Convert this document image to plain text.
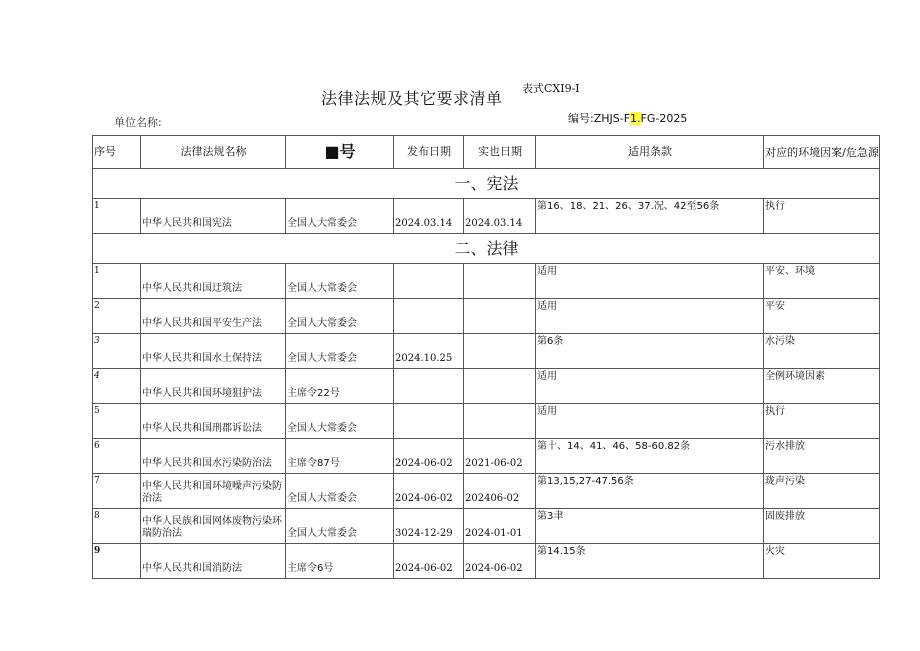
法律法规及其它要求清单
表式CXI9-I
单位名称:	编号:ZHJS-F1.FG-2025
序号	法律法规名称	■号	发布日期	实也日期	适用条款	对应的环境因案/危急源
一、宪法						
1	中华人民共和国宪法	全国人大常委会	2024.03.14	2024.03.14	第16、18、21、26、37.况、42至56条	执行
二、法律						
1	中华人民共和国迂筑法	全国人大常委会			适用	平安、环境
2	中华人民共和国平安生产法	全国人大常委会			适用	平安
3	中华人民共和国水土保持法	全国人大常委会	2024.10.25		第6条	水污染
4	中华人民共和国环境狙护法	主席令22号			适用	全例环境因素
5	中华人民共和国刑郡诉讼法	全国人大常委会			适用	执行
6	中华人民共和国水污染防治法	主席令87号	2024-06-02	2021-06-02	第十、14、41、46、58-60.82条	污水排放
7	中华人民共和国环境噪声污染防治法	全国人大常委会	2024-06-02	202406-02	第13,15,27-47.56条	珑声污染
8	中华人民族和国网体废物污染环瑞防治法	全国人大常委会	3024-12-29	2024-01-01	第3聿	固废排放
9	中华人民共和国消防法	主席令6号	2024-06-02	2024-06-02	第14.15条	火灾
